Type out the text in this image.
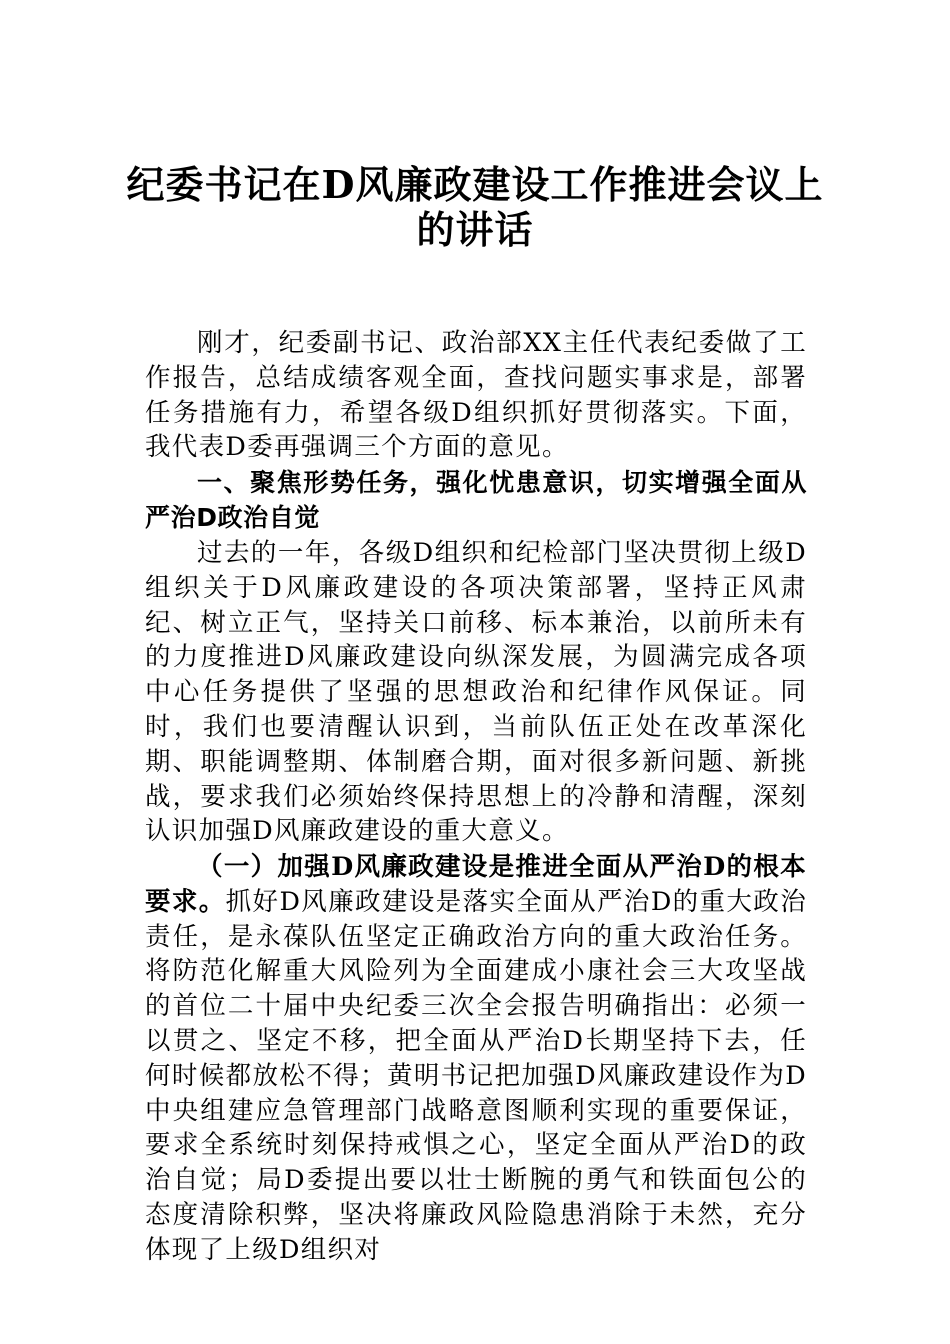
纪委书记在D风廉政建设工作推进会议上
的讲话

刚才，纪委副书记、政治部XX主任代表纪委做了工作报告，总结成绩客观全面，查找问题实事求是，部署任务措施有力，希望各级D组织抓好贯彻落实。下面，我代表D委再强调三个方面的意见。

一、聚焦形势任务，强化忧患意识，切实增强全面从严治D政治自觉

过去的一年，各级D组织和纪检部门坚决贯彻上级D组织关于D风廉政建设的各项决策部署，坚持正风肃纪、树立正气，坚持关口前移、标本兼治，以前所未有的力度推进D风廉政建设向纵深发展，为圆满完成各项中心任务提供了坚强的思想政治和纪律作风保证。同时，我们也要清醒认识到，当前队伍正处在改革深化期、职能调整期、体制磨合期，面对很多新问题、新挑战，要求我们必须始终保持思想上的冷静和清醒，深刻认识加强D风廉政建设的重大意义。

（一）加强D风廉政建设是推进全面从严治D的根本要求。抓好D风廉政建设是落实全面从严治D的重大政治责任，是永葆队伍坚定正确政治方向的重大政治任务。将防范化解重大风险列为全面建成小康社会三大攻坚战的首位二十届中央纪委三次全会报告明确指出：必须一以贯之、坚定不移，把全面从严治D长期坚持下去，任何时候都放松不得；黄明书记把加强D风廉政建设作为D中央组建应急管理部门战略意图顺利实现的重要保证，要求全系统时刻保持戒惧之心，坚定全面从严治D的政治自觉；局D委提出要以壮士断腕的勇气和铁面包公的态度清除积弊，坚决将廉政风险隐患消除于未然，充分体现了上级D组织对
